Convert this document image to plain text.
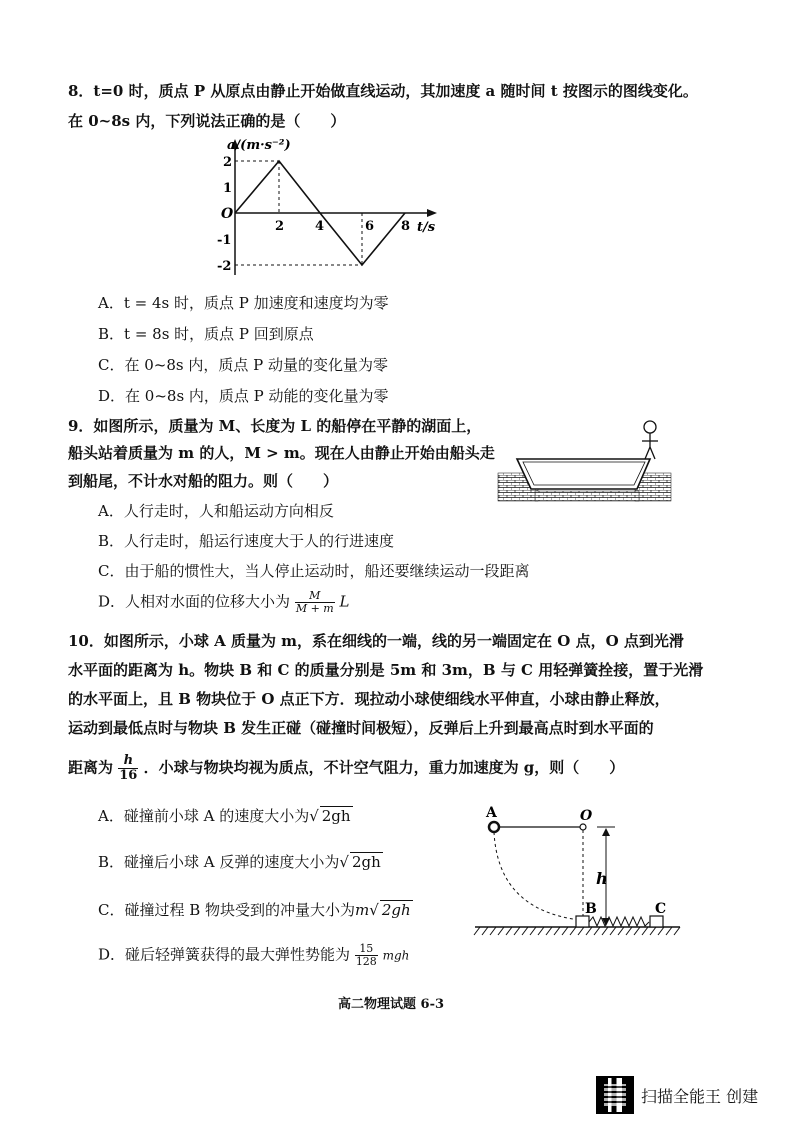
8．t=0 时，质点 P 从原点由静止开始做直线运动，其加速度 a 随时间 t 按图示的图线变化。
在 0~8s 内，下列说法正确的是（　　）
a/(m·s⁻²)
t/s
O
2
1
-1
-2
2 4	6 8
A．t = 4s 时，质点 P 加速度和速度均为零
B．t = 8s 时，质点 P 回到原点
C．在 0~8s 内，质点 P 动量的变化量为零
D．在 0~8s 内，质点 P 动能的变化量为零
9．如图所示，质量为 M、长度为 L 的船停在平静的湖面上，
船头站着质量为 m 的人，M > m。现在人由静止开始由船头走
到船尾，不计水对船的阻力。则（　　）
A．人行走时，人和船运动方向相反
B．人行走时，船运行速度大于人的行进速度
C．由于船的惯性大，当人停止运动时，船还要继续运动一段距离
D．人相对水面的位移大小为 $\frac{M}{M + m}$ L
10．如图所示，小球 A 质量为 m，系在细线的一端，线的另一端固定在 O 点，O 点到光滑
水平面的距离为 h。物块 B 和 C 的质量分别是 5m 和 3m，B 与 C 用轻弹簧拴接，置于光滑
的水平面上，且 B 物块位于 O 点正下方．现拉动小球使细线水平伸直，小球由静止释放，
运动到最低点时与物块 B 发生正碰（碰撞时间极短），反弹后上升到最高点时到水平面的
距离为 $\frac{h}{16}$ ．小球与物块均视为质点，不计空气阻力，重力加速度为 g，则（　　）
A．碰撞前小球 A 的速度大小为√ 2gh
B．碰撞后小球 A 反弹的速度大小为√ 2gh
C．碰撞过程 B 物块受到的冲量大小为m√ 2gh
D．碰后轻弹簧获得的最大弹性势能为 $\frac{15}{128}$ mgh
A	O
h
B	C
高二物理试题 6-3
扫描全能王 创建
